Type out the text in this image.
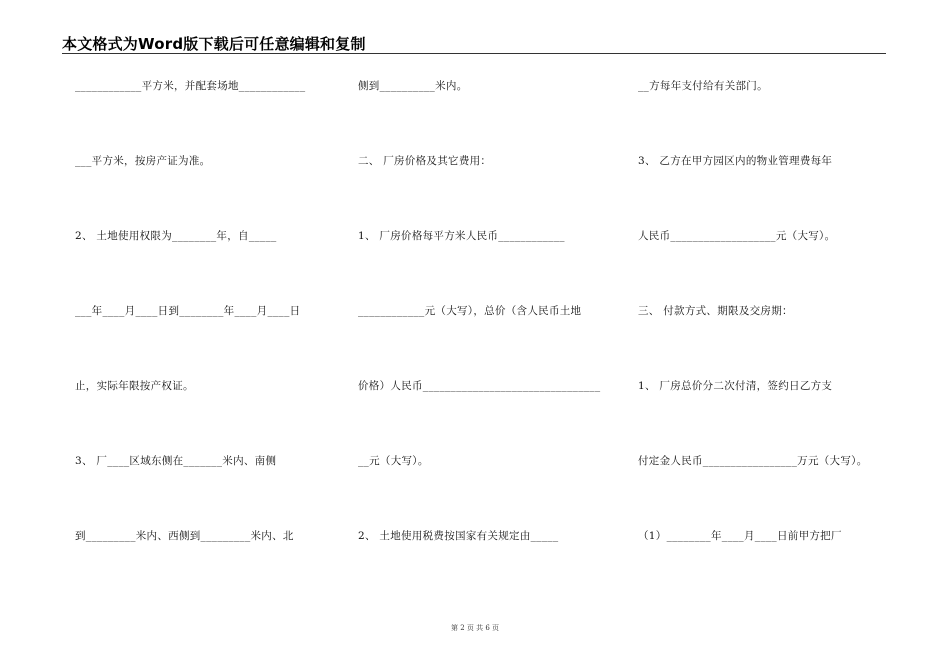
本文格式为Word版下载后可任意编辑和复制
____________平方米，并配套场地____________
___平方米，按房产证为准。
2、 土地使用权限为________年，自_____
___年____月____日到________年____月____日
止，实际年限按产权证。
3、 厂____区域东侧在_______米内、南侧
到_________米内、西侧到_________米内、北
侧到__________米内。
二、 厂房价格及其它费用：
1、 厂房价格每平方米人民币____________
____________元（大写），总价（含人民币土地
价格）人民币________________________________
__元（大写）。
2、 土地使用税费按国家有关规定由_____
__方每年支付给有关部门。
3、 乙方在甲方园区内的物业管理费每年
人民币___________________元（大写）。
三、 付款方式、期限及交房期：
1、 厂房总价分二次付清，签约日乙方支
付定金人民币_________________万元（大写）。
（1）________年____月____日前甲方把厂
第 2 页 共 6 页
